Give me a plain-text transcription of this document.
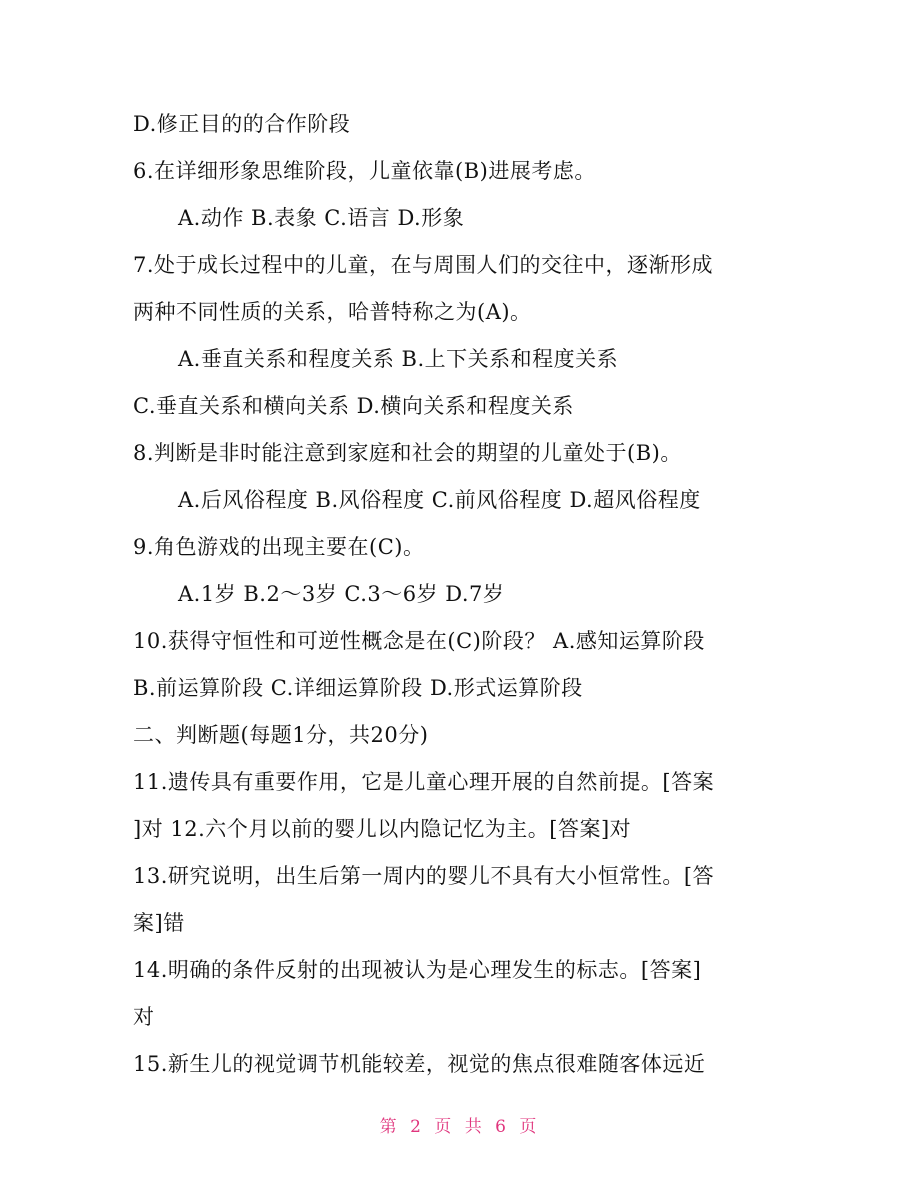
D.修正目的的合作阶段
6.在详细形象思维阶段，儿童依靠(B)进展考虑。
A.动作 B.表象 C.语言 D.形象
7.处于成长过程中的儿童，在与周围人们的交往中，逐渐形成
两种不同性质的关系，哈普特称之为(A)。
A.垂直关系和程度关系 B.上下关系和程度关系
C.垂直关系和横向关系 D.横向关系和程度关系
8.判断是非时能注意到家庭和社会的期望的儿童处于(B)。
A.后风俗程度 B.风俗程度 C.前风俗程度 D.超风俗程度
9.角色游戏的出现主要在(C)。
A.1岁 B.2～3岁 C.3～6岁 D.7岁
10.获得守恒性和可逆性概念是在(C)阶段？ A.感知运算阶段
B.前运算阶段 C.详细运算阶段 D.形式运算阶段
二、判断题(每题1分，共20分)
11.遗传具有重要作用，它是儿童心理开展的自然前提。[答案
]对 12.六个月以前的婴儿以内隐记忆为主。[答案]对
13.研究说明，出生后第一周内的婴儿不具有大小恒常性。[答
案]错
14.明确的条件反射的出现被认为是心理发生的标志。[答案]
对
15.新生儿的视觉调节机能较差，视觉的焦点很难随客体远近
第 2 页 共 6 页
